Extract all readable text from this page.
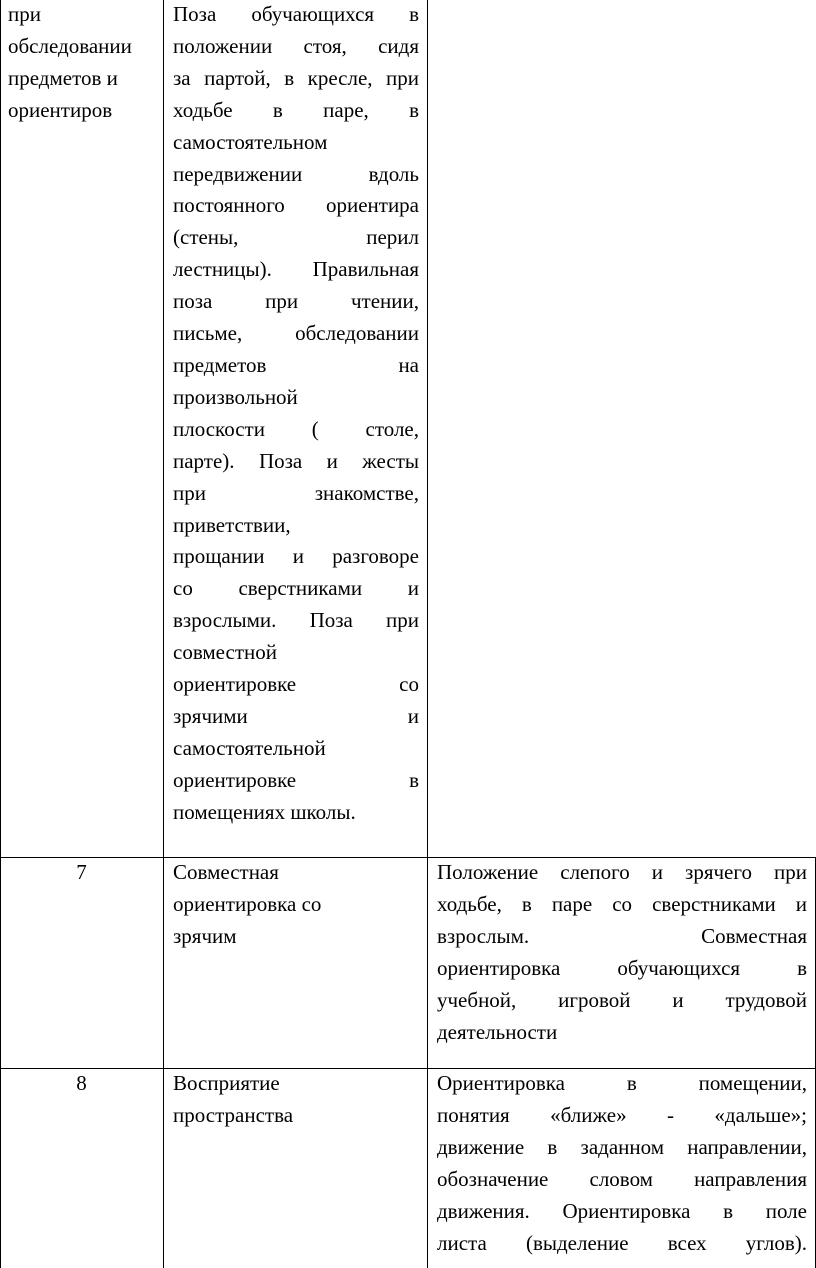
при

обследовании

предметов и

ориентиров

Поза обучающихся в

положении стоя, сидя

за партой, в кресле, при

ходьбе в паре, в

самостоятельном

передвижении вдоль

постоянного ориентира

(стены, перил

лестницы). Правильная

поза при чтении,

письме, обследовании

предметов на

произвольной

плоскости ( столе,

парте). Поза и жесты

при знакомстве,

приветствии,

прощании и разговоре

со сверстниками и

взрослыми. Поза при

совместной

ориентировке со

зрячими и

самостоятельной

ориентировке в

помещениях школы.

7	Совместная

ориентировка со

зрячим

Положение слепого и зрячего при

ходьбе, в паре со сверстниками и

взрослым. Совместная

ориентировка обучающихся в

учебной, игровой и трудовой

деятельности

8	Восприятие

пространства

Ориентировка в помещении,

понятия «ближе» - «дальше»;

движение в заданном направлении,

обозначение словом направления

движения. Ориентировка в поле

листа (выделение всех углов).
